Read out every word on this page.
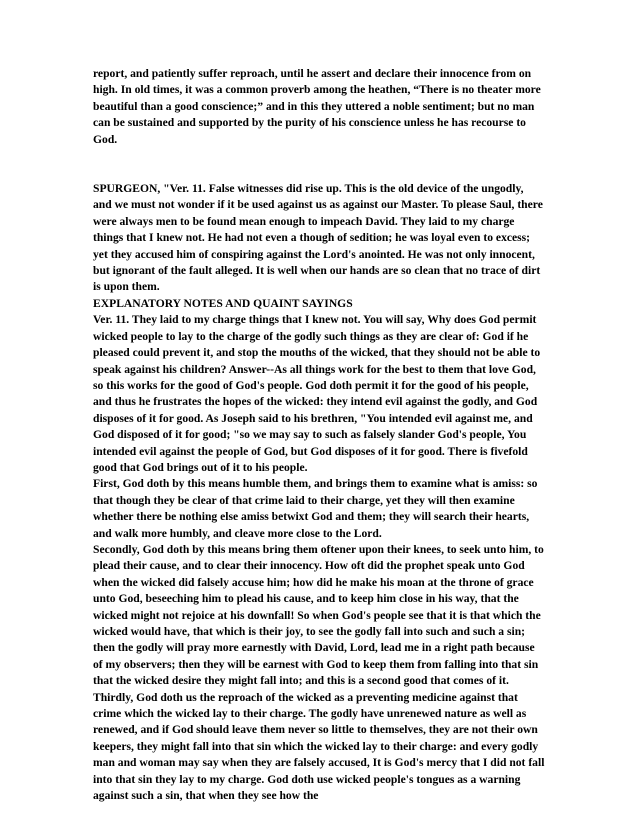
report, and patiently suffer reproach, until he assert and declare their innocence from on high. In old times, it was a common proverb among the heathen, “There is no theater more beautiful than a good conscience;” and in this they uttered a noble sentiment; but no man can be sustained and supported by the purity of his conscience unless he has recourse to God.

SPURGEON, "Ver. 11. False witnesses did rise up. This is the old device of the ungodly, and we must not wonder if it be used against us as against our Master. To please Saul, there were always men to be found mean enough to impeach David. They laid to my charge things that I knew not. He had not even a though of sedition; he was loyal even to excess; yet they accused him of conspiring against the Lord's anointed. He was not only innocent, but ignorant of the fault alleged. It is well when our hands are so clean that no trace of dirt is upon them.

EXPLANATORY NOTES AND QUAINT SAYINGS

Ver. 11. They laid to my charge things that I knew not. You will say, Why does God permit wicked people to lay to the charge of the godly such things as they are clear of: God if he pleased could prevent it, and stop the mouths of the wicked, that they should not be able to speak against his children? Answer--As all things work for the best to them that love God, so this works for the good of God's people. God doth permit it for the good of his people, and thus he frustrates the hopes of the wicked: they intend evil against the godly, and God disposes of it for good. As Joseph said to his brethren, "You intended evil against me, and God disposed of it for good; "so we may say to such as falsely slander God's people, You intended evil against the people of God, but God disposes of it for good. There is fivefold good that God brings out of it to his people.

First, God doth by this means humble them, and brings them to examine what is amiss: so that though they be clear of that crime laid to their charge, yet they will then examine whether there be nothing else amiss betwixt God and them; they will search their hearts, and walk more humbly, and cleave more close to the Lord.

Secondly, God doth by this means bring them oftener upon their knees, to seek unto him, to plead their cause, and to clear their innocency. How oft did the prophet speak unto God when the wicked did falsely accuse him; how did he make his moan at the throne of grace unto God, beseeching him to plead his cause, and to keep him close in his way, that the wicked might not rejoice at his downfall! So when God's people see that it is that which the wicked would have, that which is their joy, to see the godly fall into such and such a sin; then the godly will pray more earnestly with David, Lord, lead me in a right path because of my observers; then they will be earnest with God to keep them from falling into that sin that the wicked desire they might fall into; and this is a second good that comes of it.

Thirdly, God doth us the reproach of the wicked as a preventing medicine against that crime which the wicked lay to their charge. The godly have unrenewed nature as well as renewed, and if God should leave them never so little to themselves, they are not their own keepers, they might fall into that sin which the wicked lay to their charge: and every godly man and woman may say when they are falsely accused, It is God's mercy that I did not fall into that sin they lay to my charge. God doth use wicked people's tongues as a warning against such a sin, that when they see how the
